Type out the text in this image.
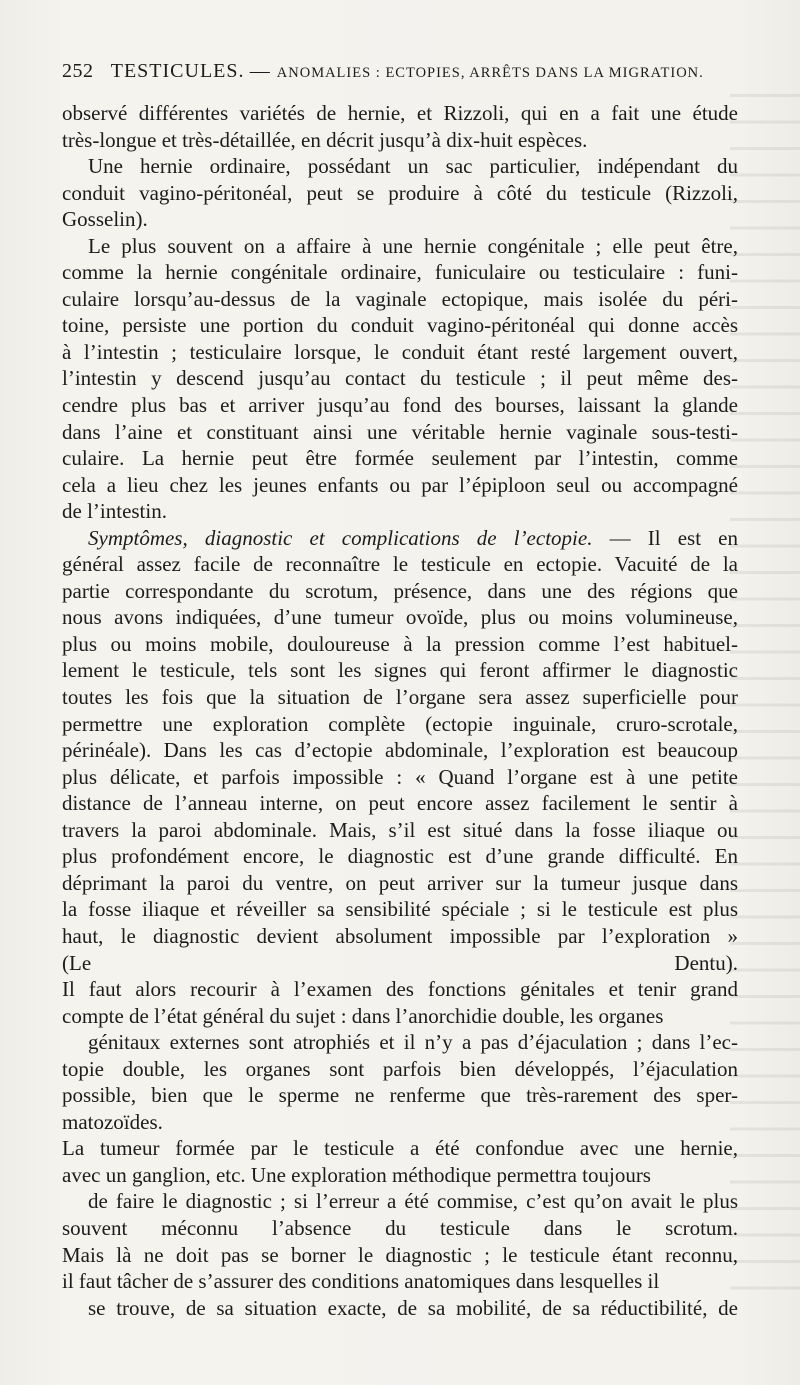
252 TESTICULES. — ANOMALIES : ECTOPIES, ARRÊTS DANS LA MIGRATION.
observé différentes variétés de hernie, et Rizzoli, qui en a fait une étude
très-longue et très-détaillée, en décrit jusqu’à dix-huit espèces.
Une hernie ordinaire, possédant un sac particulier, indépendant du
conduit vagino-péritonéal, peut se produire à côté du testicule (Rizzoli,
Gosselin).
Le plus souvent on a affaire à une hernie congénitale ; elle peut être,
comme la hernie congénitale ordinaire, funiculaire ou testiculaire : funi-
culaire lorsqu’au-dessus de la vaginale ectopique, mais isolée du péri-
toine, persiste une portion du conduit vagino-péritonéal qui donne accès
à l’intestin ; testiculaire lorsque, le conduit étant resté largement ouvert,
l’intestin y descend jusqu’au contact du testicule ; il peut même des-
cendre plus bas et arriver jusqu’au fond des bourses, laissant la glande
dans l’aine et constituant ainsi une véritable hernie vaginale sous-testi-
culaire. La hernie peut être formée seulement par l’intestin, comme
cela a lieu chez les jeunes enfants ou par l’épiploon seul ou accompagné
de l’intestin.
Symptômes, diagnostic et complications de l’ectopie. — Il est en
général assez facile de reconnaître le testicule en ectopie. Vacuité de la
partie correspondante du scrotum, présence, dans une des régions que
nous avons indiquées, d’une tumeur ovoïde, plus ou moins volumineuse,
plus ou moins mobile, douloureuse à la pression comme l’est habituel-
lement le testicule, tels sont les signes qui feront affirmer le diagnostic
toutes les fois que la situation de l’organe sera assez superficielle pour
permettre une exploration complète (ectopie inguinale, cruro-scrotale,
périnéale). Dans les cas d’ectopie abdominale, l’exploration est beaucoup
plus délicate, et parfois impossible : « Quand l’organe est à une petite
distance de l’anneau interne, on peut encore assez facilement le sentir à
travers la paroi abdominale. Mais, s’il est situé dans la fosse iliaque ou
plus profondément encore, le diagnostic est d’une grande difficulté. En
déprimant la paroi du ventre, on peut arriver sur la tumeur jusque dans
la fosse iliaque et réveiller sa sensibilité spéciale ; si le testicule est plus
haut, le diagnostic devient absolument impossible par l’exploration »
(Le Dentu).
Il faut alors recourir à l’examen des fonctions génitales et tenir grand
compte de l’état général du sujet : dans l’anorchidie double, les organes
génitaux externes sont atrophiés et il n’y a pas d’éjaculation ; dans l’ec-
topie double, les organes sont parfois bien développés, l’éjaculation
possible, bien que le sperme ne renferme que très-rarement des sper-
matozoïdes.
La tumeur formée par le testicule a été confondue avec une hernie,
avec un ganglion, etc. Une exploration méthodique permettra toujours
de faire le diagnostic ; si l’erreur a été commise, c’est qu’on avait le plus
souvent méconnu l’absence du testicule dans le scrotum.
Mais là ne doit pas se borner le diagnostic ; le testicule étant reconnu,
il faut tâcher de s’assurer des conditions anatomiques dans lesquelles il
se trouve, de sa situation exacte, de sa mobilité, de sa réductibilité, de
